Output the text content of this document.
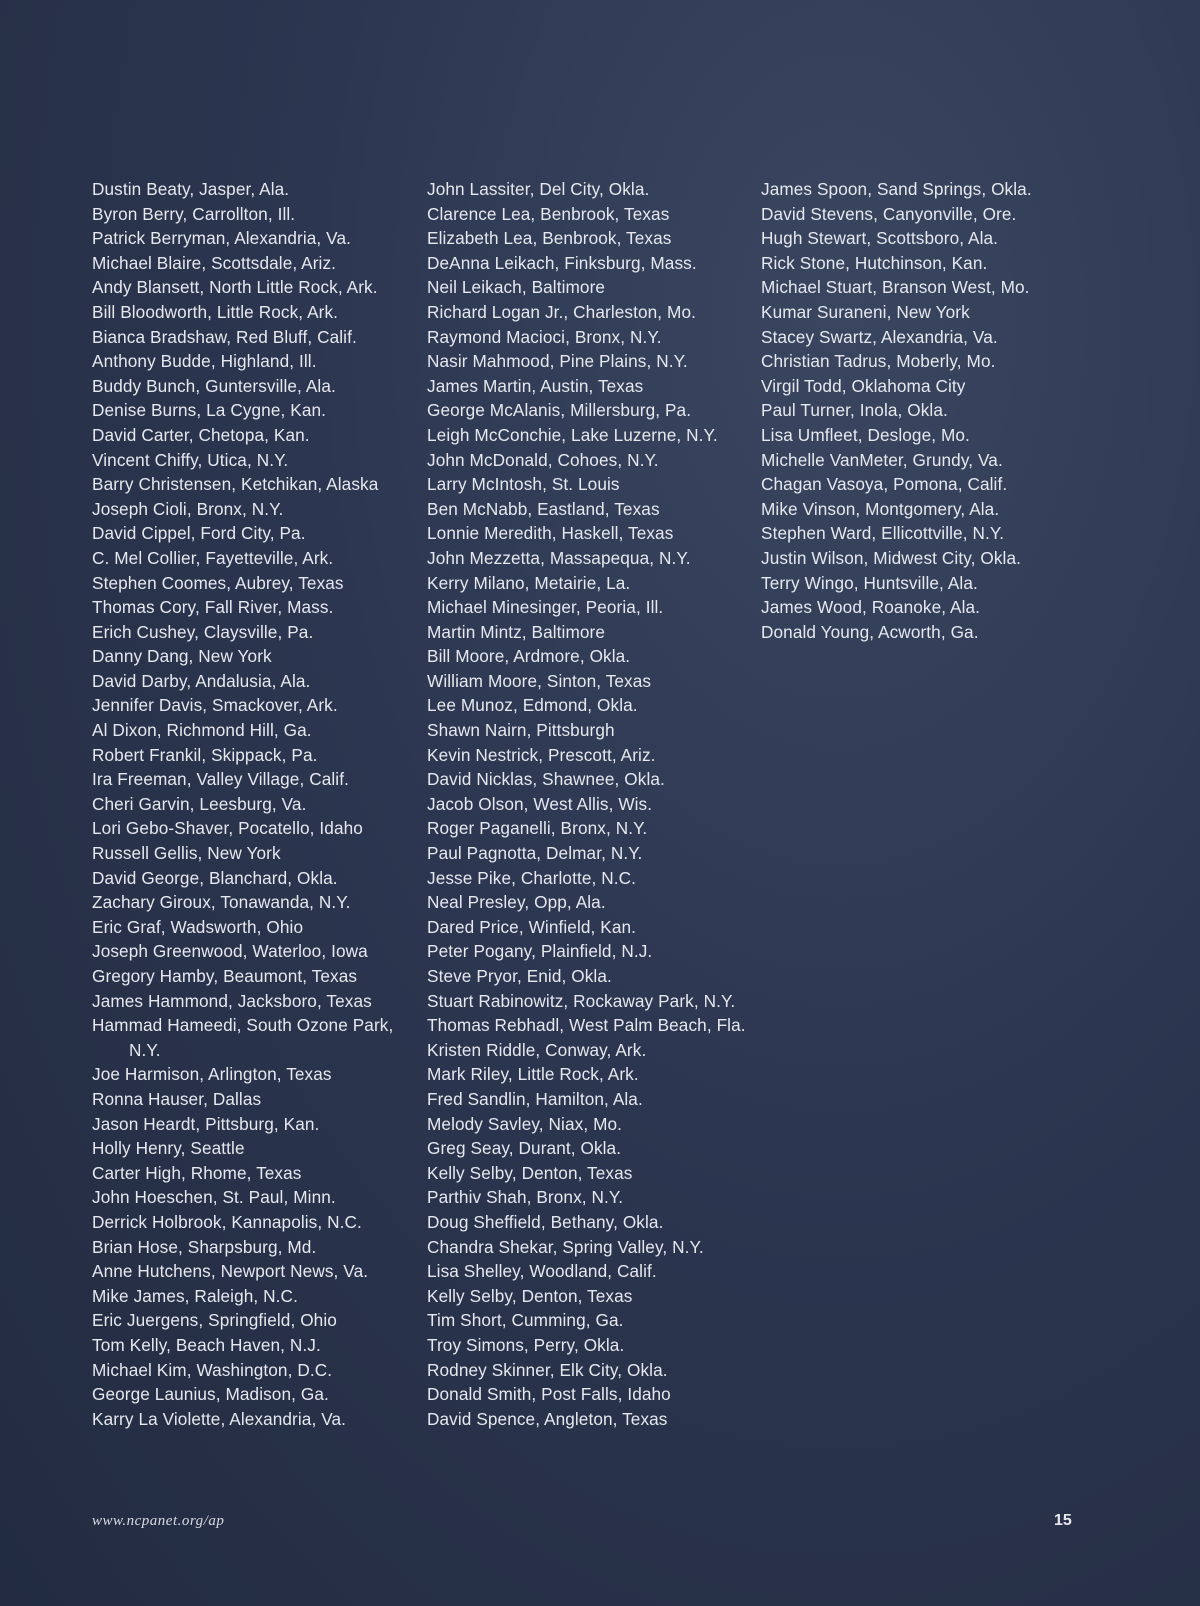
Dustin Beaty, Jasper, Ala.
Byron Berry, Carrollton, Ill.
Patrick Berryman, Alexandria, Va.
Michael Blaire, Scottsdale, Ariz.
Andy Blansett, North Little Rock, Ark.
Bill Bloodworth, Little Rock, Ark.
Bianca Bradshaw, Red Bluff, Calif.
Anthony Budde, Highland, Ill.
Buddy Bunch, Guntersville, Ala.
Denise Burns, La Cygne, Kan.
David Carter, Chetopa, Kan.
Vincent Chiffy, Utica, N.Y.
Barry Christensen, Ketchikan, Alaska
Joseph Cioli, Bronx, N.Y.
David Cippel, Ford City, Pa.
C. Mel Collier, Fayetteville, Ark.
Stephen Coomes, Aubrey, Texas
Thomas Cory, Fall River, Mass.
Erich Cushey, Claysville, Pa.
Danny Dang, New York
David Darby, Andalusia, Ala.
Jennifer Davis, Smackover, Ark.
Al Dixon, Richmond Hill, Ga.
Robert Frankil, Skippack, Pa.
Ira Freeman, Valley Village, Calif.
Cheri Garvin, Leesburg, Va.
Lori Gebo-Shaver, Pocatello, Idaho
Russell Gellis, New York
David George, Blanchard, Okla.
Zachary Giroux, Tonawanda, N.Y.
Eric Graf, Wadsworth, Ohio
Joseph Greenwood, Waterloo, Iowa
Gregory Hamby, Beaumont, Texas
James Hammond, Jacksboro, Texas
Hammad Hameedi, South Ozone Park, N.Y.
Joe Harmison, Arlington, Texas
Ronna Hauser, Dallas
Jason Heardt, Pittsburg, Kan.
Holly Henry, Seattle
Carter High, Rhome, Texas
John Hoeschen, St. Paul, Minn.
Derrick Holbrook, Kannapolis, N.C.
Brian Hose, Sharpsburg, Md.
Anne Hutchens, Newport News, Va.
Mike James, Raleigh, N.C.
Eric Juergens, Springfield, Ohio
Tom Kelly, Beach Haven, N.J.
Michael Kim, Washington, D.C.
George Launius, Madison, Ga.
Karry La Violette, Alexandria, Va.
John Lassiter, Del City, Okla.
Clarence Lea, Benbrook, Texas
Elizabeth Lea, Benbrook, Texas
DeAnna Leikach, Finksburg, Mass.
Neil Leikach, Baltimore
Richard Logan Jr., Charleston, Mo.
Raymond Macioci, Bronx, N.Y.
Nasir Mahmood, Pine Plains, N.Y.
James Martin, Austin, Texas
George McAlanis, Millersburg, Pa.
Leigh McConchie, Lake Luzerne, N.Y.
John McDonald, Cohoes, N.Y.
Larry McIntosh, St. Louis
Ben McNabb, Eastland, Texas
Lonnie Meredith, Haskell, Texas
John Mezzetta, Massapequa, N.Y.
Kerry Milano, Metairie, La.
Michael Minesinger, Peoria, Ill.
Martin Mintz, Baltimore
Bill Moore, Ardmore, Okla.
William Moore, Sinton, Texas
Lee Munoz, Edmond, Okla.
Shawn Nairn, Pittsburgh
Kevin Nestrick, Prescott, Ariz.
David Nicklas, Shawnee, Okla.
Jacob Olson, West Allis, Wis.
Roger Paganelli, Bronx, N.Y.
Paul Pagnotta, Delmar, N.Y.
Jesse Pike, Charlotte, N.C.
Neal Presley, Opp, Ala.
Dared Price, Winfield, Kan.
Peter Pogany, Plainfield, N.J.
Steve Pryor, Enid, Okla.
Stuart Rabinowitz, Rockaway Park, N.Y.
Thomas Rebhadl, West Palm Beach, Fla.
Kristen Riddle, Conway, Ark.
Mark Riley, Little Rock, Ark.
Fred Sandlin, Hamilton, Ala.
Melody Savley, Niax, Mo.
Greg Seay, Durant, Okla.
Kelly Selby, Denton, Texas
Parthiv Shah, Bronx, N.Y.
Doug Sheffield, Bethany, Okla.
Chandra Shekar, Spring Valley, N.Y.
Lisa Shelley, Woodland, Calif.
Kelly Selby, Denton, Texas
Tim Short, Cumming, Ga.
Troy Simons, Perry, Okla.
Rodney Skinner, Elk City, Okla.
Donald Smith, Post Falls, Idaho
David Spence, Angleton, Texas
James Spoon, Sand Springs, Okla.
David Stevens, Canyonville, Ore.
Hugh Stewart, Scottsboro, Ala.
Rick Stone, Hutchinson, Kan.
Michael Stuart, Branson West, Mo.
Kumar Suraneni, New York
Stacey Swartz, Alexandria, Va.
Christian Tadrus, Moberly, Mo.
Virgil Todd, Oklahoma City
Paul Turner, Inola, Okla.
Lisa Umfleet, Desloge, Mo.
Michelle VanMeter, Grundy, Va.
Chagan Vasoya, Pomona, Calif.
Mike Vinson, Montgomery, Ala.
Stephen Ward, Ellicottville, N.Y.
Justin Wilson, Midwest City, Okla.
Terry Wingo, Huntsville, Ala.
James Wood, Roanoke, Ala.
Donald Young, Acworth, Ga.
www.ncpanet.org/ap	15
